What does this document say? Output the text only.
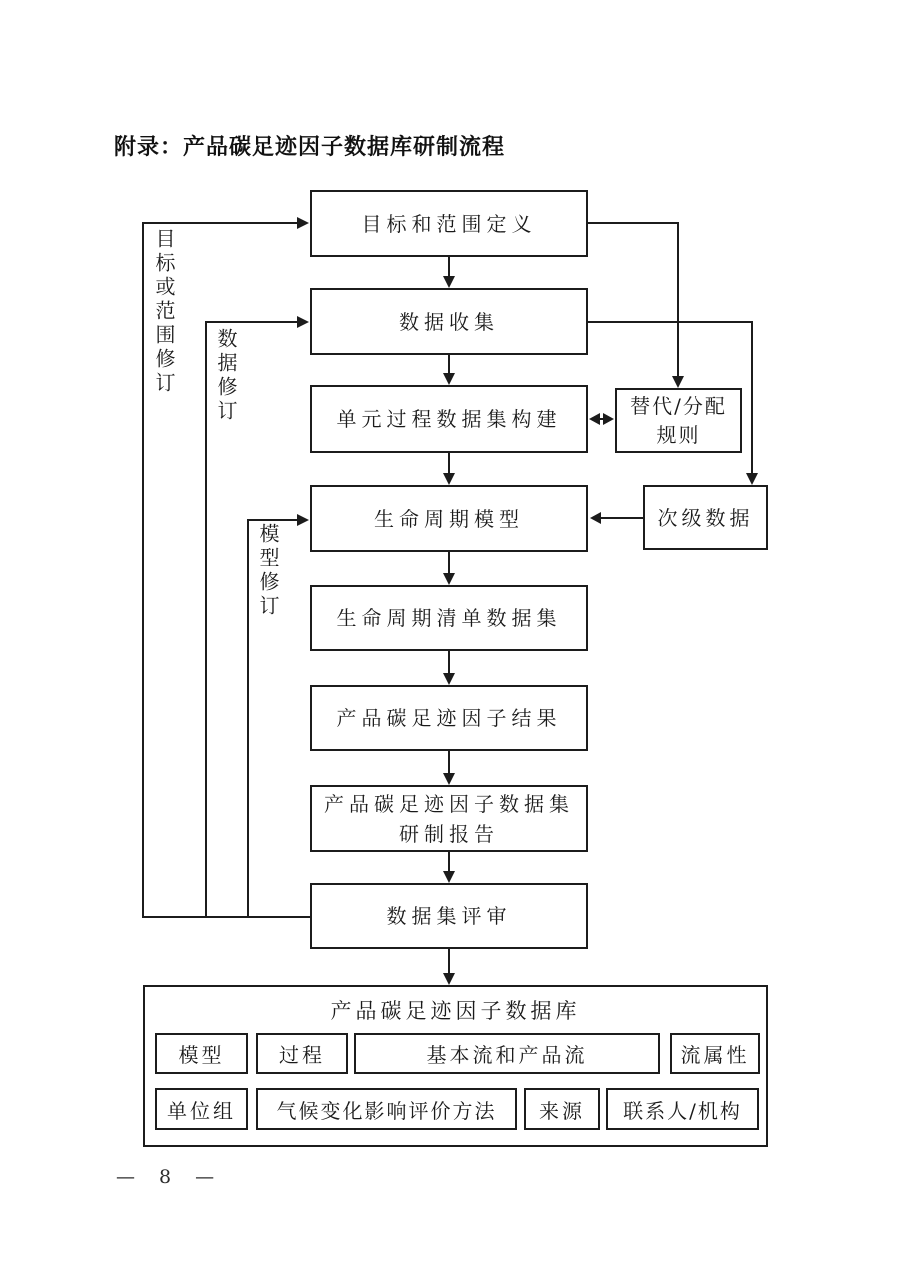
附录：产品碳足迹因子数据库研制流程
目标和范围定义
数据收集
单元过程数据集构建
生命周期模型
生命周期清单数据集
产品碳足迹因子结果
产品碳足迹因子数据集研制报告
数据集评审
替代/分配规则
次级数据
目标或范围修订 数据修订
模型修订
产品碳足迹因子数据库
模型	过程	基本流和产品流	流属性
单位组	气候变化影响评价方法	来源	联系人/机构
— 8 —
